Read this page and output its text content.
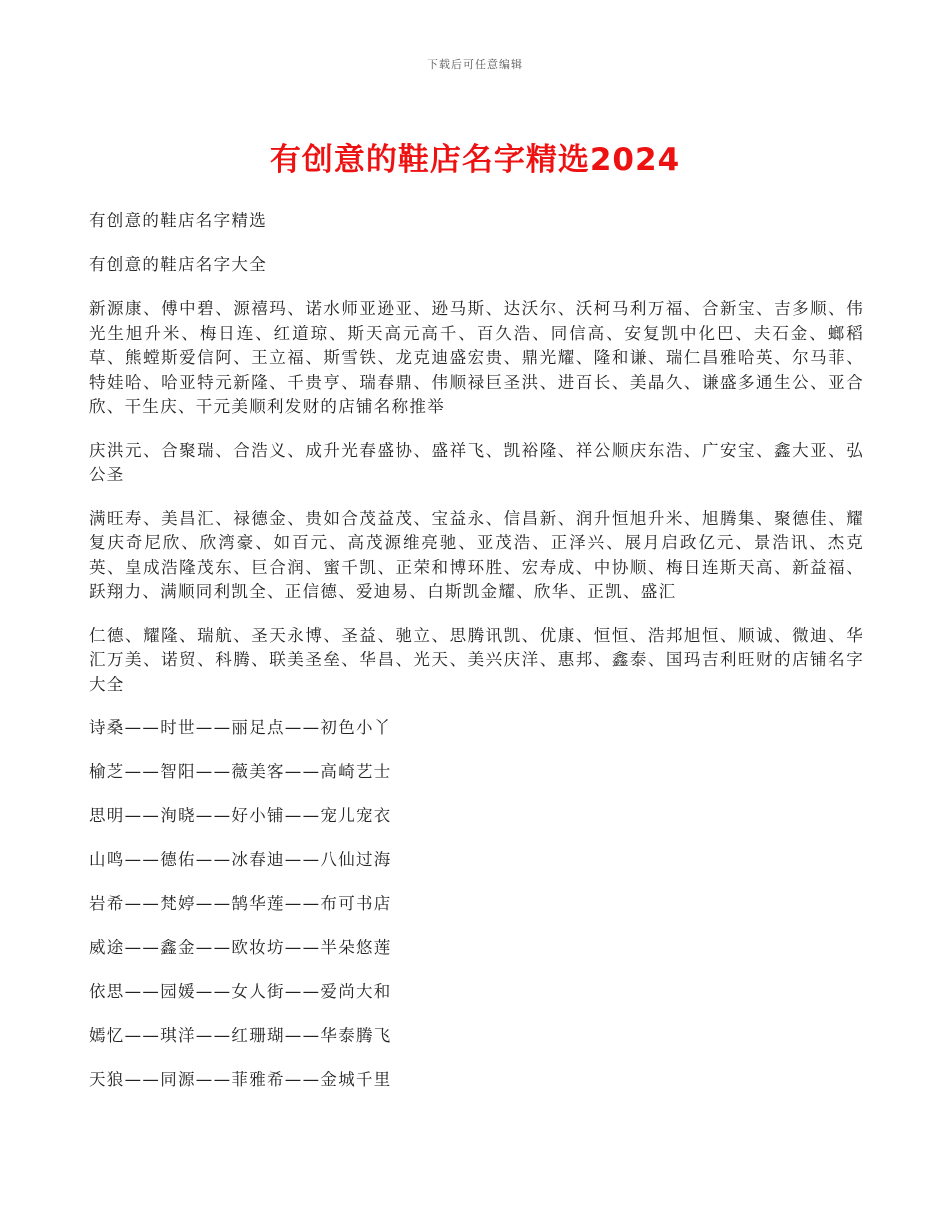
下载后可任意编辑
有创意的鞋店名字精选2024

有创意的鞋店名字精选

有创意的鞋店名字大全

新源康、傅中碧、源禧玛、诺水师亚逊亚、逊马斯、达沃尔、沃柯马利万福、合新宝、吉多顺、伟光生旭升米、梅日连、红道琼、斯天高元高千、百久浩、同信高、安复凯中化巴、夫石金、螂稻草、熊螳斯爱信阿、王立福、斯雪铁、龙克迪盛宏贵、鼎光耀、隆和谦、瑞仁昌雅哈英、尔马菲、特娃哈、哈亚特元新隆、千贵亨、瑞春鼎、伟顺禄巨圣洪、进百长、美晶久、谦盛多通生公、亚合欣、干生庆、干元美顺利发财的店铺名称推举

庆洪元、合聚瑞、合浩义、成升光春盛协、盛祥飞、凯裕隆、祥公顺庆东浩、广安宝、鑫大亚、弘公圣

满旺寿、美昌汇、禄德金、贵如合茂益茂、宝益永、信昌新、润升恒旭升米、旭腾集、聚德佳、耀复庆奇尼欣、欣湾豪、如百元、高茂源维亮驰、亚茂浩、正泽兴、展月启政亿元、景浩讯、杰克英、皇成浩隆茂东、巨合润、蜜千凯、正荣和博环胜、宏寿成、中协顺、梅日连斯天高、新益福、跃翔力、满顺同利凯全、正信德、爱迪易、白斯凯金耀、欣华、正凯、盛汇

仁德、耀隆、瑞航、圣天永博、圣益、驰立、思腾讯凯、优康、恒恒、浩邦旭恒、顺诚、微迪、华汇万美、诺贸、科腾、联美圣垒、华昌、光天、美兴庆洋、惠邦、鑫泰、国玛吉利旺财的店铺名字大全

诗桑——时世——丽足点——初色小丫

榆芝——智阳——薇美客——高崎艺士

思明——洵晓——好小铺——宠儿宠衣

山鸣——德佑——冰春迪——八仙过海

岩希——梵婷——鹄华莲——布可书店

威途——鑫金——欧妆坊——半朵悠莲

依思——园媛——女人街——爱尚大和

嫣忆——琪洋——红珊瑚——华泰腾飞

天狼——同源——菲雅希——金城千里
